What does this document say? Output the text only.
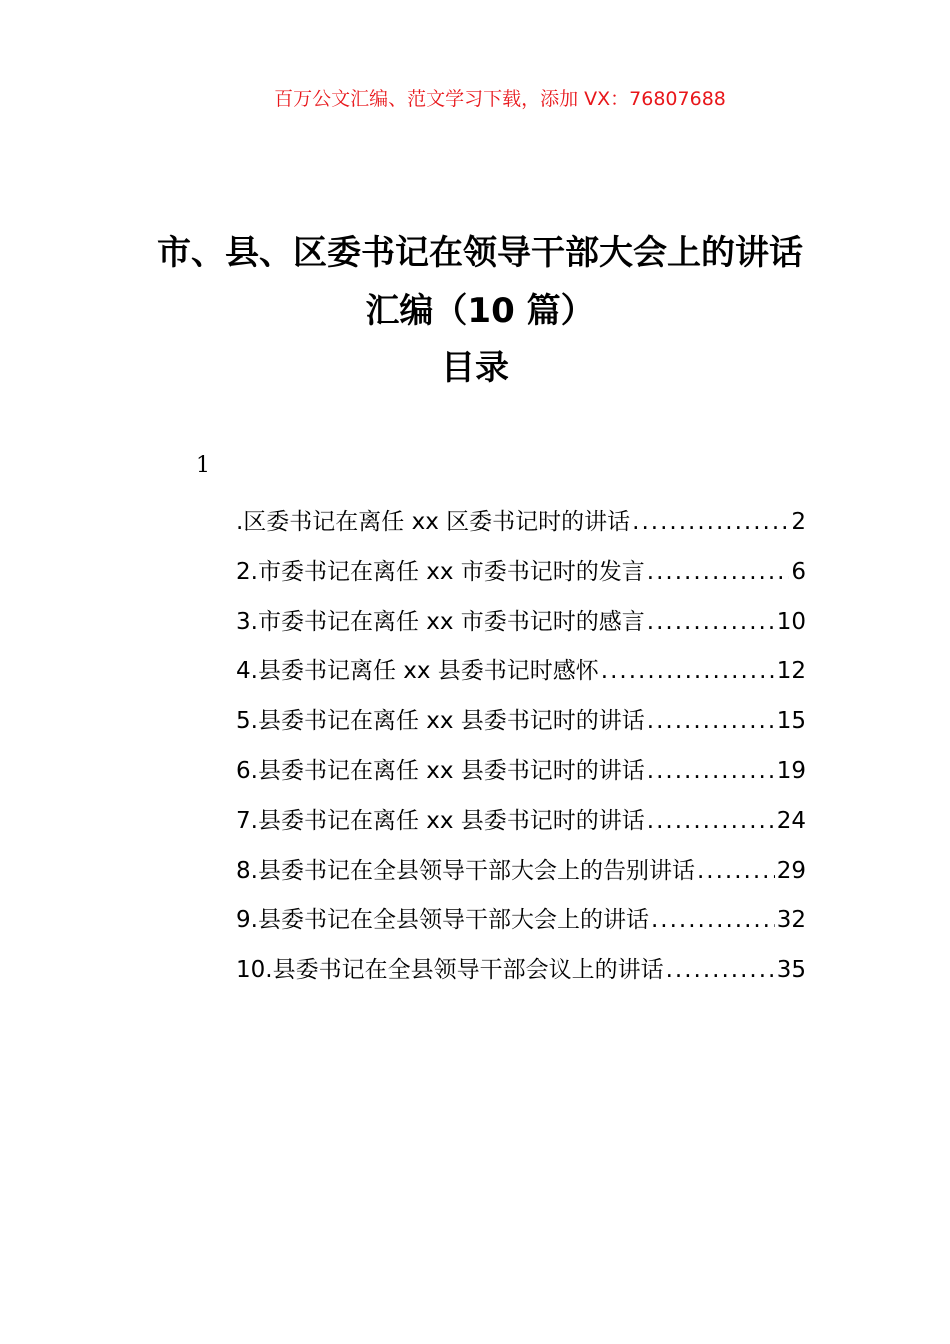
百万公文汇编、范文学习下载，添加 VX：76807688
市、县、区委书记在领导干部大会上的讲话汇编（10 篇）
目录
1
.区委书记在离任 xx 区委书记时的讲话 .....	2
2.市委书记在离任 xx 市委书记时的发言 .....	6
3.市委书记在离任 xx 市委书记时的感言 .....	10
4.县委书记离任 xx 县委书记时感怀 .....	12
5.县委书记在离任 xx 县委书记时的讲话 .....	15
6.县委书记在离任 xx 县委书记时的讲话 .....	19
7.县委书记在离任 xx 县委书记时的讲话 .....	24
8.县委书记在全县领导干部大会上的告别讲话 .....	29
9.县委书记在全县领导干部大会上的讲话 .....	32
10.县委书记在全县领导干部会议上的讲话 .....	35
